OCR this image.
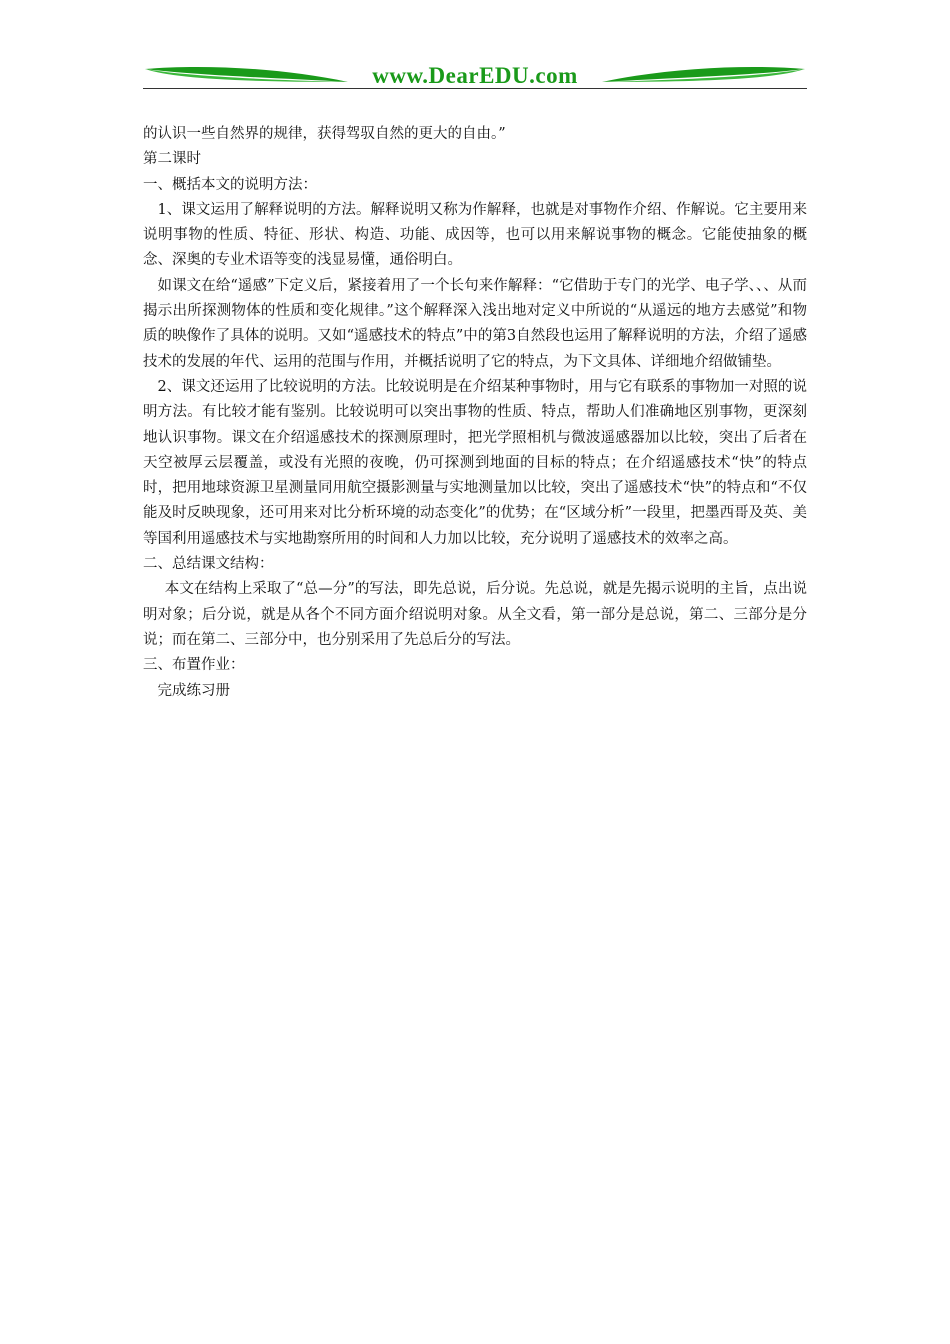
www.DearEDU.com

的认识一些自然界的规律，获得驾驭自然的更大的自由。”

第二课时

一、概括本文的说明方法：

1、课文运用了解释说明的方法。解释说明又称为作解释，也就是对事物作介绍、作解说。它主要用来说明事物的性质、特征、形状、构造、功能、成因等，也可以用来解说事物的概念。它能使抽象的概念、深奥的专业术语等变的浅显易懂，通俗明白。

如课文在给“遥感”下定义后，紧接着用了一个长句来作解释：“它借助于专门的光学、电子学、、、从而揭示出所探测物体的性质和变化规律。”这个解释深入浅出地对定义中所说的“从遥远的地方去感觉”和物质的映像作了具体的说明。又如“遥感技术的特点”中的第3自然段也运用了解释说明的方法，介绍了遥感技术的发展的年代、运用的范围与作用，并概括说明了它的特点，为下文具体、详细地介绍做铺垫。

2、课文还运用了比较说明的方法。比较说明是在介绍某种事物时，用与它有联系的事物加一对照的说明方法。有比较才能有鉴别。比较说明可以突出事物的性质、特点，帮助人们准确地区别事物，更深刻地认识事物。课文在介绍遥感技术的探测原理时，把光学照相机与微波遥感器加以比较，突出了后者在天空被厚云层覆盖，或没有光照的夜晚，仍可探测到地面的目标的特点；在介绍遥感技术“快”的特点时，把用地球资源卫星测量同用航空摄影测量与实地测量加以比较，突出了遥感技术“快”的特点和“不仅能及时反映现象，还可用来对比分析环境的动态变化”的优势；在“区域分析”一段里，把墨西哥及英、美等国利用遥感技术与实地勘察所用的时间和人力加以比较，充分说明了遥感技术的效率之高。

二、总结课文结构：

本文在结构上采取了“总—分”的写法，即先总说，后分说。先总说，就是先揭示说明的主旨，点出说明对象；后分说，就是从各个不同方面介绍说明对象。从全文看，第一部分是总说，第二、三部分是分说；而在第二、三部分中，也分别采用了先总后分的写法。

三、布置作业：

完成练习册
